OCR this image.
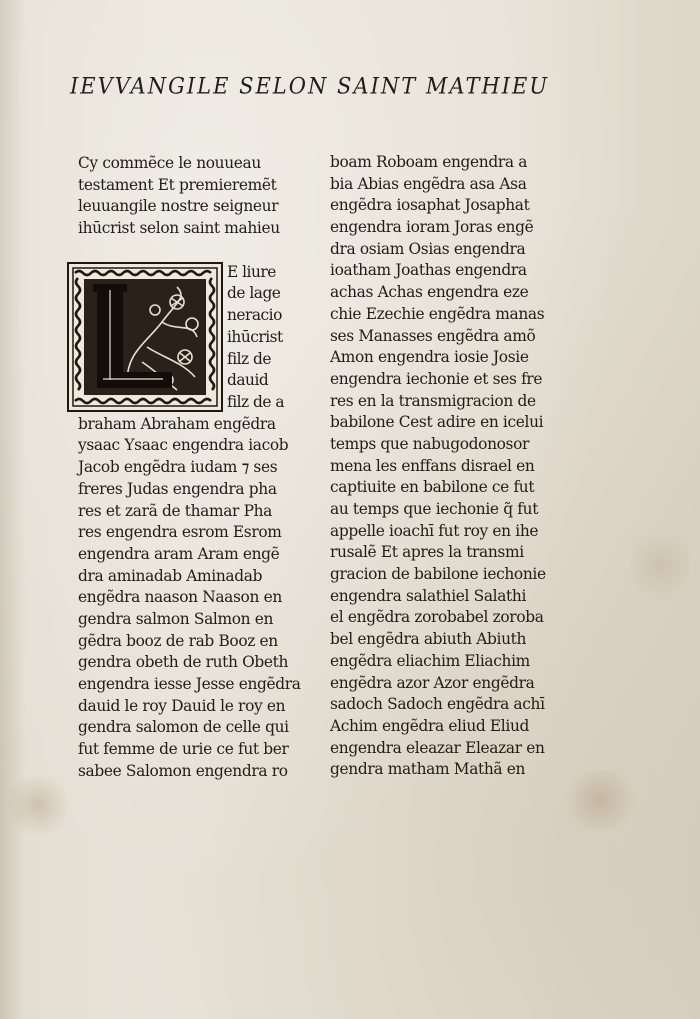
IEVVANGILE SELON SAINT MATHIEU
Cy commẽce le nouueau
testament Et premieremẽt
leuuangile nostre seigneur
ihūcrist selon saint mahieu
E liure
de lage
neracio
ihūcrist
filz de
dauid
filz de a
braham Abraham engẽdra
ysaac Ysaac engendra iacob
Jacob engẽdra iudam ⁊ ses
freres Judas engendra pha
res et zarã de thamar Pha
res engendra esrom Esrom
engendra aram Aram engẽ
dra aminadab Aminadab
engẽdra naason Naason en
gendra salmon Salmon en
gẽdra booz de rab Booz en
gendra obeth de ruth Obeth
engendra iesse Jesse engẽdra
dauid le roy Dauid le roy en
gendra salomon de celle qui
fut femme de urie ce fut ber
sabee Salomon engendra ro
boam Roboam engendra a
bia Abias engẽdra asa Asa
engẽdra iosaphat Josaphat
engendra ioram Joras engẽ
dra osiam Osias engendra
ioatham Joathas engendra
achas Achas engendra eze
chie Ezechie engẽdra manas
ses Manasses engẽdra amõ
Amon engendra iosie Josie
engendra iechonie et ses fre
res en la transmigracion de
babilone Cest adire en icelui
temps que nabugodonosor
mena les enffans disrael en
captiuite en babilone ce fut
au temps que iechonie q̃ fut
appelle ioachī fut roy en ihe
rusalẽ Et apres la transmi
gracion de babilone iechonie
engendra salathiel Salathi
el engẽdra zorobabel zoroba
bel engẽdra abiuth Abiuth
engẽdra eliachim Eliachim
engẽdra azor Azor engẽdra
sadoch Sadoch engẽdra achī
Achim engẽdra eliud Eliud
engendra eleazar Eleazar en
gendra matham Mathã en
